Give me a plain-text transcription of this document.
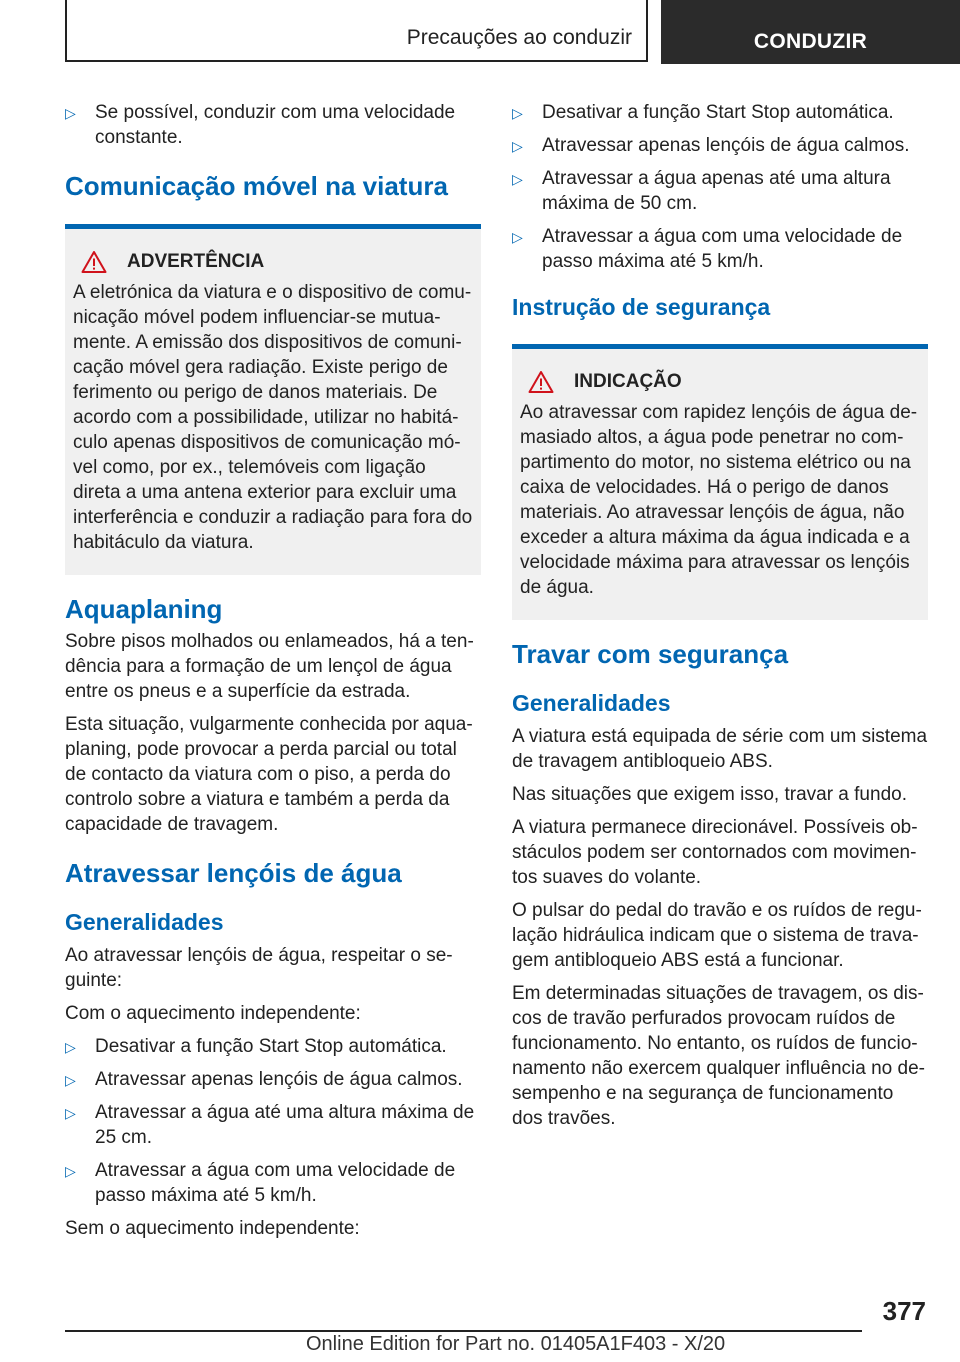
Precauções ao conduzir	CONDUZIR
▷ Se possível, conduzir com uma velocidade constante.
Comunicação móvel na viatura
ADVERTÊNCIA

A eletrónica da viatura e o dispositivo de comunicação móvel podem influenciar-se mutuamente. A emissão dos dispositivos de comunicação móvel gera radiação. Existe perigo de ferimento ou perigo de danos materiais. De acordo com a possibilidade, utilizar no habitáculo apenas dispositivos de comunicação móvel como, por ex., telemóveis com ligação direta a uma antena exterior para excluir uma interferência e conduzir a radiação para fora do habitáculo da viatura.

Aquaplaning

Sobre pisos molhados ou enlameados, há a tendência para a formação de um lençol de água entre os pneus e a superfície da estrada.

Esta situação, vulgarmente conhecida por aquaplaning, pode provocar a perda parcial ou total de contacto da viatura com o piso, a perda do controlo sobre a viatura e também a perda da capacidade de travagem.

Atravessar lençóis de água
Generalidades

Ao atravessar lençóis de água, respeitar o seguinte:

Com o aquecimento independente:

▷ Desativar a função Start Stop automática.
▷ Atravessar apenas lençóis de água calmos.
▷ Atravessar a água até uma altura máxima de 25 cm.
▷ Atravessar a água com uma velocidade de passo máxima até 5 km/h.

Sem o aquecimento independente:

▷ Desativar a função Start Stop automática.
▷ Atravessar apenas lençóis de água calmos.
▷ Atravessar a água apenas até uma altura máxima de 50 cm.
▷ Atravessar a água com uma velocidade de passo máxima até 5 km/h.
Instrução de segurança
INDICAÇÃO

Ao atravessar com rapidez lençóis de água demasiado altos, a água pode penetrar no compartimento do motor, no sistema elétrico ou na caixa de velocidades. Há o perigo de danos materiais. Ao atravessar lençóis de água, não exceder a altura máxima da água indicada e a velocidade máxima para atravessar os lençóis de água.

Travar com segurança
Generalidades

A viatura está equipada de série com um sistema de travagem antibloqueio ABS.

Nas situações que exigem isso, travar a fundo.

A viatura permanece direcionável. Possíveis obstáculos podem ser contornados com movimentos suaves do volante.

O pulsar do pedal do travão e os ruídos de regulação hidráulica indicam que o sistema de travagem antibloqueio ABS está a funcionar.

Em determinadas situações de travagem, os discos de travão perfurados provocam ruídos de funcionamento. No entanto, os ruídos de funcionamento não exercem qualquer influência no desempenho e na segurança de funcionamento dos travões.

377
Online Edition for Part no. 01405A1F403 - X/20
